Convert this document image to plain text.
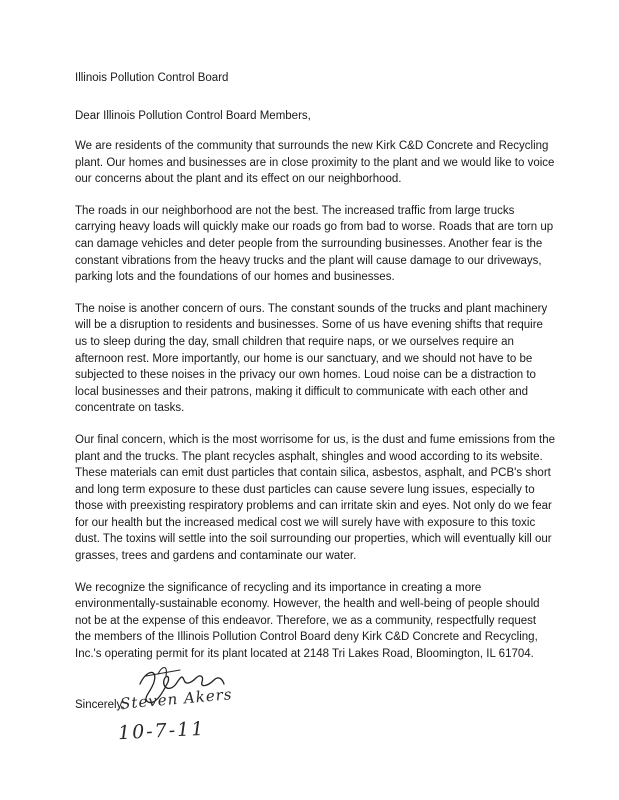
Illinois Pollution Control Board
Dear Illinois Pollution Control Board Members,

We are residents of the community that surrounds the new Kirk C&D Concrete and Recycling plant. Our homes and businesses are in close proximity to the plant and we would like to voice our concerns about the plant and its effect on our neighborhood.

The roads in our neighborhood are not the best. The increased traffic from large trucks carrying heavy loads will quickly make our roads go from bad to worse. Roads that are torn up can damage vehicles and deter people from the surrounding businesses. Another fear is the constant vibrations from the heavy trucks and the plant will cause damage to our driveways, parking lots and the foundations of our homes and businesses.

The noise is another concern of ours. The constant sounds of the trucks and plant machinery will be a disruption to residents and businesses. Some of us have evening shifts that require us to sleep during the day, small children that require naps, or we ourselves require an afternoon rest. More importantly, our home is our sanctuary, and we should not have to be subjected to these noises in the privacy our own homes. Loud noise can be a distraction to local businesses and their patrons, making it difficult to communicate with each other and concentrate on tasks.

Our final concern, which is the most worrisome for us, is the dust and fume emissions from the plant and the trucks. The plant recycles asphalt, shingles and wood according to its website. These materials can emit dust particles that contain silica, asbestos, asphalt, and PCB's short and long term exposure to these dust particles can cause severe lung issues, especially to those with preexisting respiratory problems and can irritate skin and eyes. Not only do we fear for our health but the increased medical cost we will surely have with exposure to this toxic dust. The toxins will settle into the soil surrounding our properties, which will eventually kill our grasses, trees and gardens and contaminate our water.

We recognize the significance of recycling and its importance in creating a more environmentally-sustainable economy. However, the health and well-being of people should not be at the expense of this endeavor. Therefore, we as a community, respectfully request the members of the Illinois Pollution Control Board deny Kirk C&D Concrete and Recycling, Inc.'s operating permit for its plant located at 2148 Tri Lakes Road, Bloomington, IL 61704.

Sincerely,
Steven Akers
10-7-11
